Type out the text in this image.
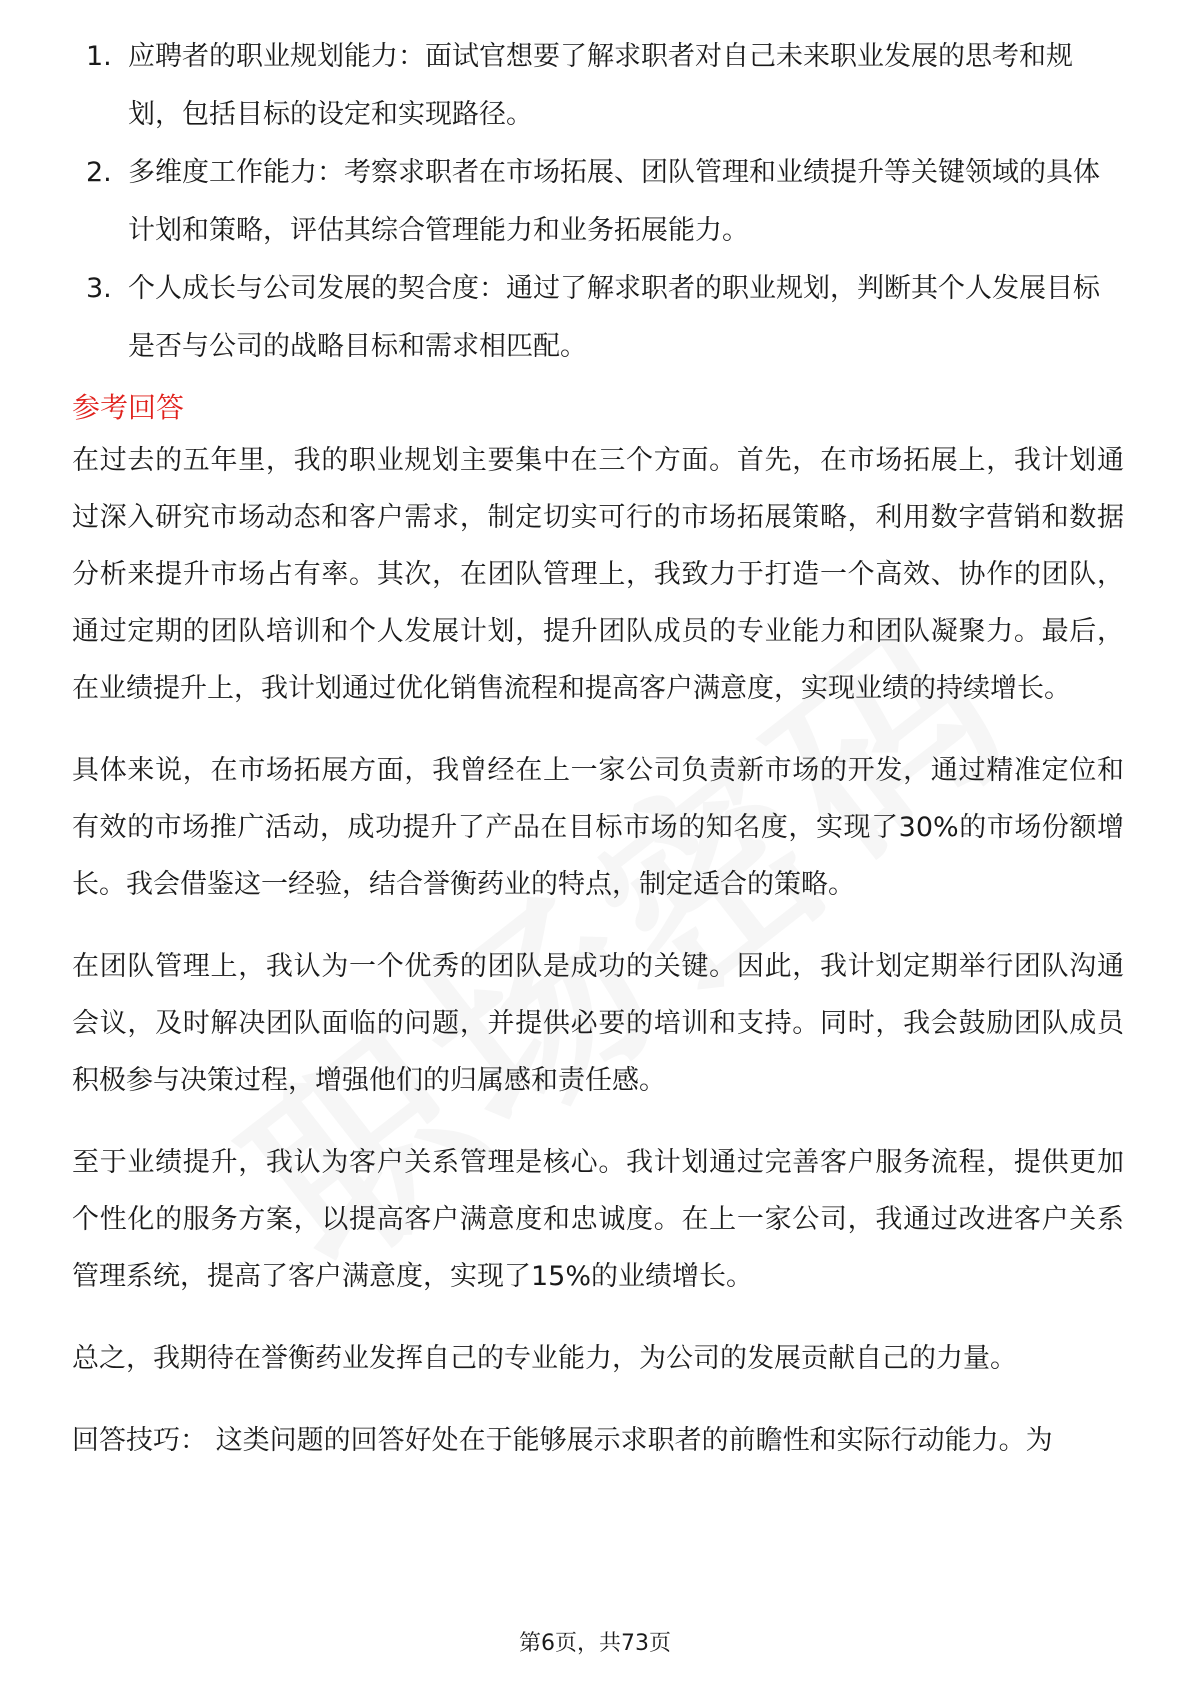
1. 应聘者的职业规划能力：面试官想要了解求职者对自己未来职业发展的思考和规划，包括目标的设定和实现路径。
2. 多维度工作能力：考察求职者在市场拓展、团队管理和业绩提升等关键领域的具体计划和策略，评估其综合管理能力和业务拓展能力。
3. 个人成长与公司发展的契合度：通过了解求职者的职业规划，判断其个人发展目标是否与公司的战略目标和需求相匹配。
参考回答

在过去的五年里，我的职业规划主要集中在三个方面。首先，在市场拓展上，我计划通过深入研究市场动态和客户需求，制定切实可行的市场拓展策略，利用数字营销和数据分析来提升市场占有率。其次，在团队管理上，我致力于打造一个高效、协作的团队，通过定期的团队培训和个人发展计划，提升团队成员的专业能力和团队凝聚力。最后，在业绩提升上，我计划通过优化销售流程和提高客户满意度，实现业绩的持续增长。

具体来说，在市场拓展方面，我曾经在上一家公司负责新市场的开发，通过精准定位和有效的市场推广活动，成功提升了产品在目标市场的知名度，实现了30%的市场份额增长。我会借鉴这一经验，结合誉衡药业的特点，制定适合的策略。

在团队管理上，我认为一个优秀的团队是成功的关键。因此，我计划定期举行团队沟通会议，及时解决团队面临的问题，并提供必要的培训和支持。同时，我会鼓励团队成员积极参与决策过程，增强他们的归属感和责任感。

至于业绩提升，我认为客户关系管理是核心。我计划通过完善客户服务流程，提供更加个性化的服务方案，以提高客户满意度和忠诚度。在上一家公司，我通过改进客户关系管理系统，提高了客户满意度，实现了15%的业绩增长。

总之，我期待在誉衡药业发挥自己的专业能力，为公司的发展贡献自己的力量。

回答技巧： 这类问题的回答好处在于能够展示求职者的前瞻性和实际行动能力。为

第6页，共73页
